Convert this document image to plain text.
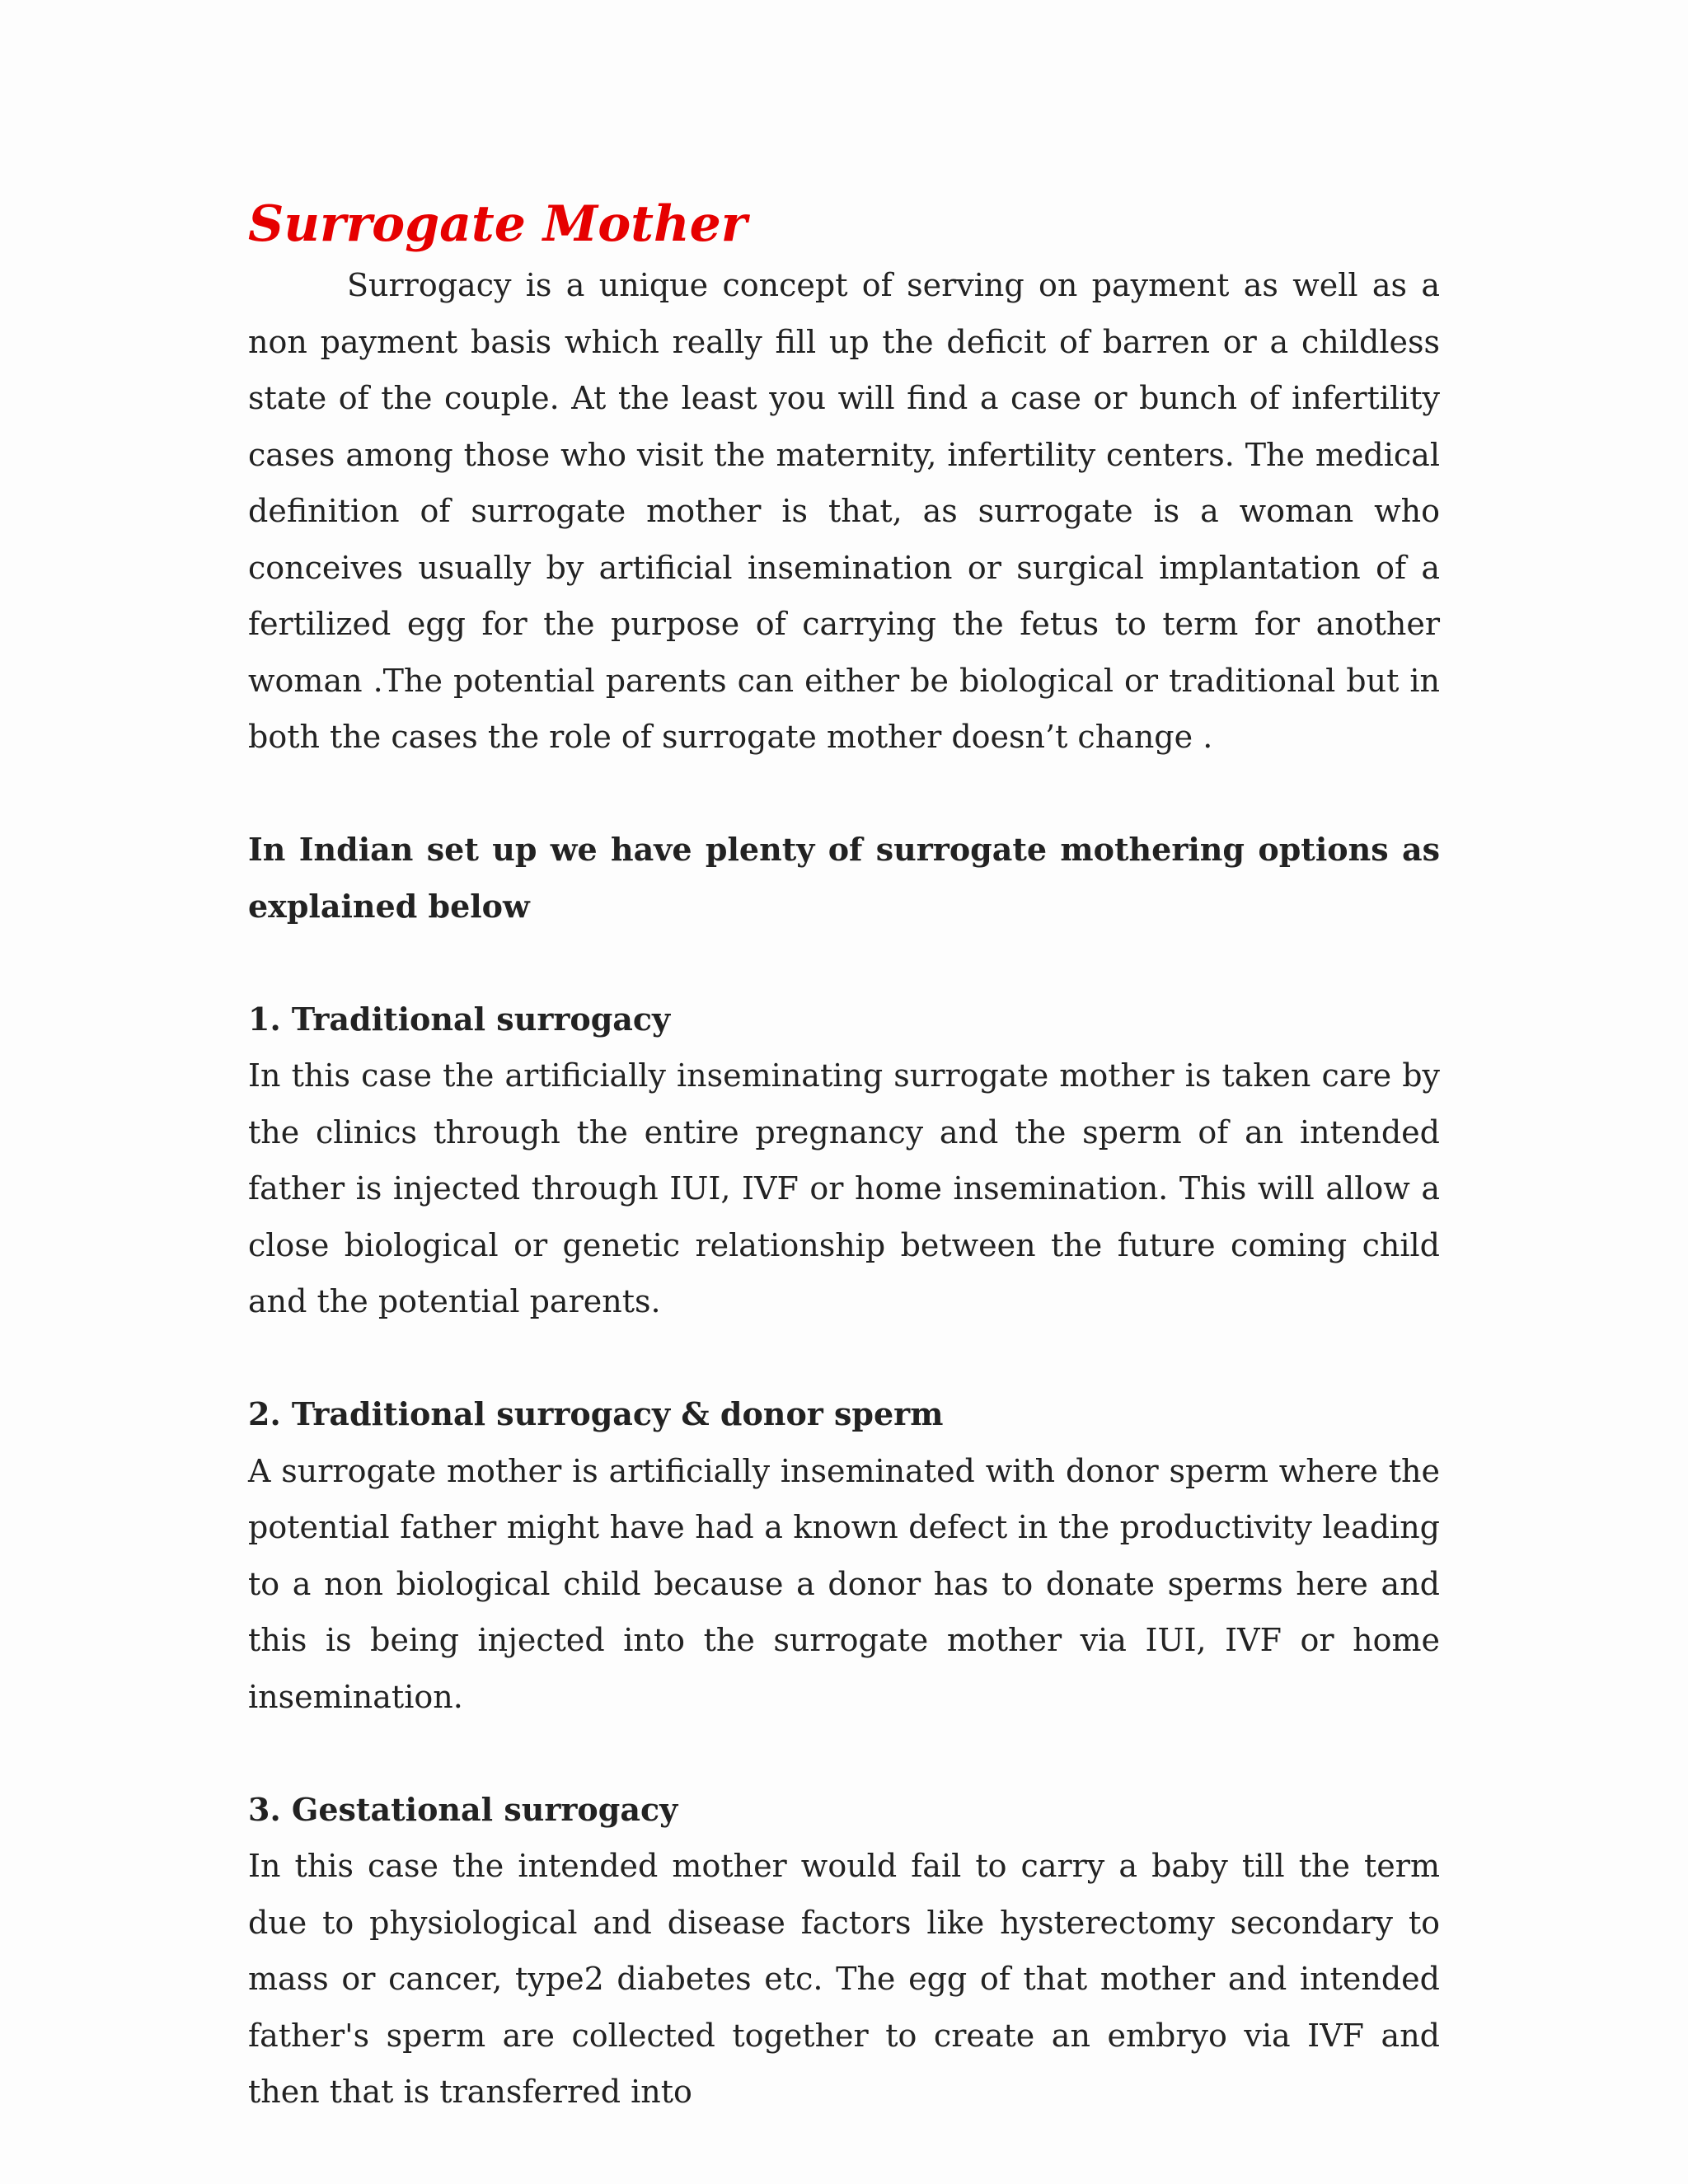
Surrogate Mother

Surrogacy is a unique concept of serving on payment as well as a non payment basis which really fill up the deficit of barren or a childless state of the couple. At the least you will find a case or bunch of infertility cases among those who visit the maternity, infertility centers. The medical definition of surrogate mother is that, as surrogate is a woman who conceives usually by artificial insemination or surgical implantation of a fertilized egg for the purpose of carrying the fetus to term for another woman .The potential parents can either be biological or traditional but in both the cases the role of surrogate mother doesn’t change .

In Indian set up we have plenty of surrogate mothering options as explained below

1. Traditional surrogacy

In this case the artificially inseminating surrogate mother is taken care by the clinics through the entire pregnancy and the sperm of an intended father is injected through IUI, IVF or home insemination. This will allow a close biological or genetic relationship between the future coming child and the potential parents.

2. Traditional surrogacy & donor sperm

A surrogate mother is artificially inseminated with donor sperm where the potential father might have had a known defect in the productivity leading to a non biological child because a donor has to donate sperms here and this is being injected into the surrogate mother via IUI, IVF or home insemination.

3. Gestational surrogacy

In this case the intended mother would fail to carry a baby till the term due to physiological and disease factors like hysterectomy secondary to mass or cancer, type2 diabetes etc. The egg of that mother and intended father's sperm are collected together to create an embryo via IVF and then that is transferred into
